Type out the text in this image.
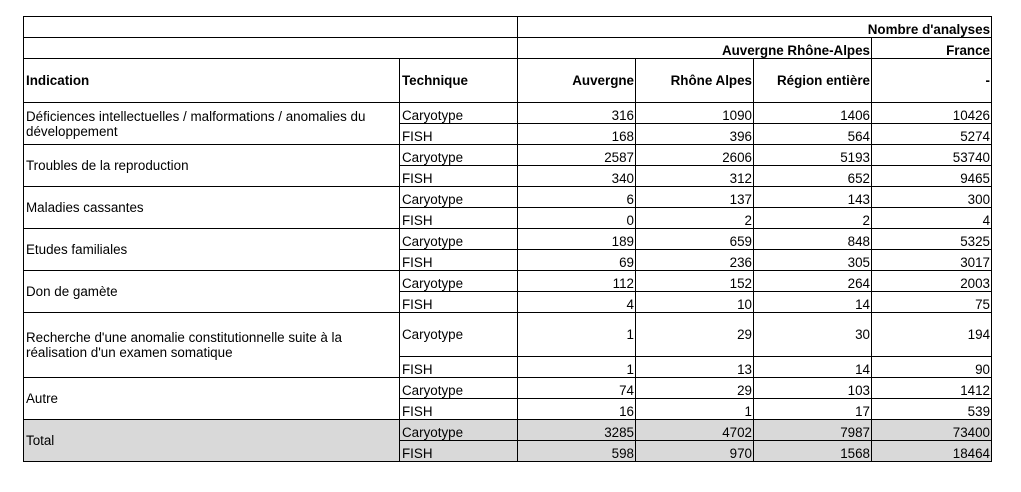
		Nombre d'analyses			
		Auvergne Rhône-Alpes			France
Indication	Technique	Auvergne	Rhône Alpes	Région entière	-
Déficiences intellectuelles / malformations / anomalies du développement	Caryotype	316	1090	1406	10426
	FISH	168	396	564	5274
Troubles de la reproduction	Caryotype	2587	2606	5193	53740
	FISH	340	312	652	9465
Maladies cassantes	Caryotype	6	137	143	300
	FISH	0	2	2	4
Etudes familiales	Caryotype	189	659	848	5325
	FISH	69	236	305	3017
Don de gamète	Caryotype	112	152	264	2003
	FISH	4	10	14	75
Recherche d'une anomalie constitutionnelle suite à la réalisation d'un examen somatique	Caryotype	1	29	30	194
	FISH	1	13	14	90
Autre	Caryotype	74	29	103	1412
	FISH	16	1	17	539
Total	Caryotype	3285	4702	7987	73400
	FISH	598	970	1568	18464
